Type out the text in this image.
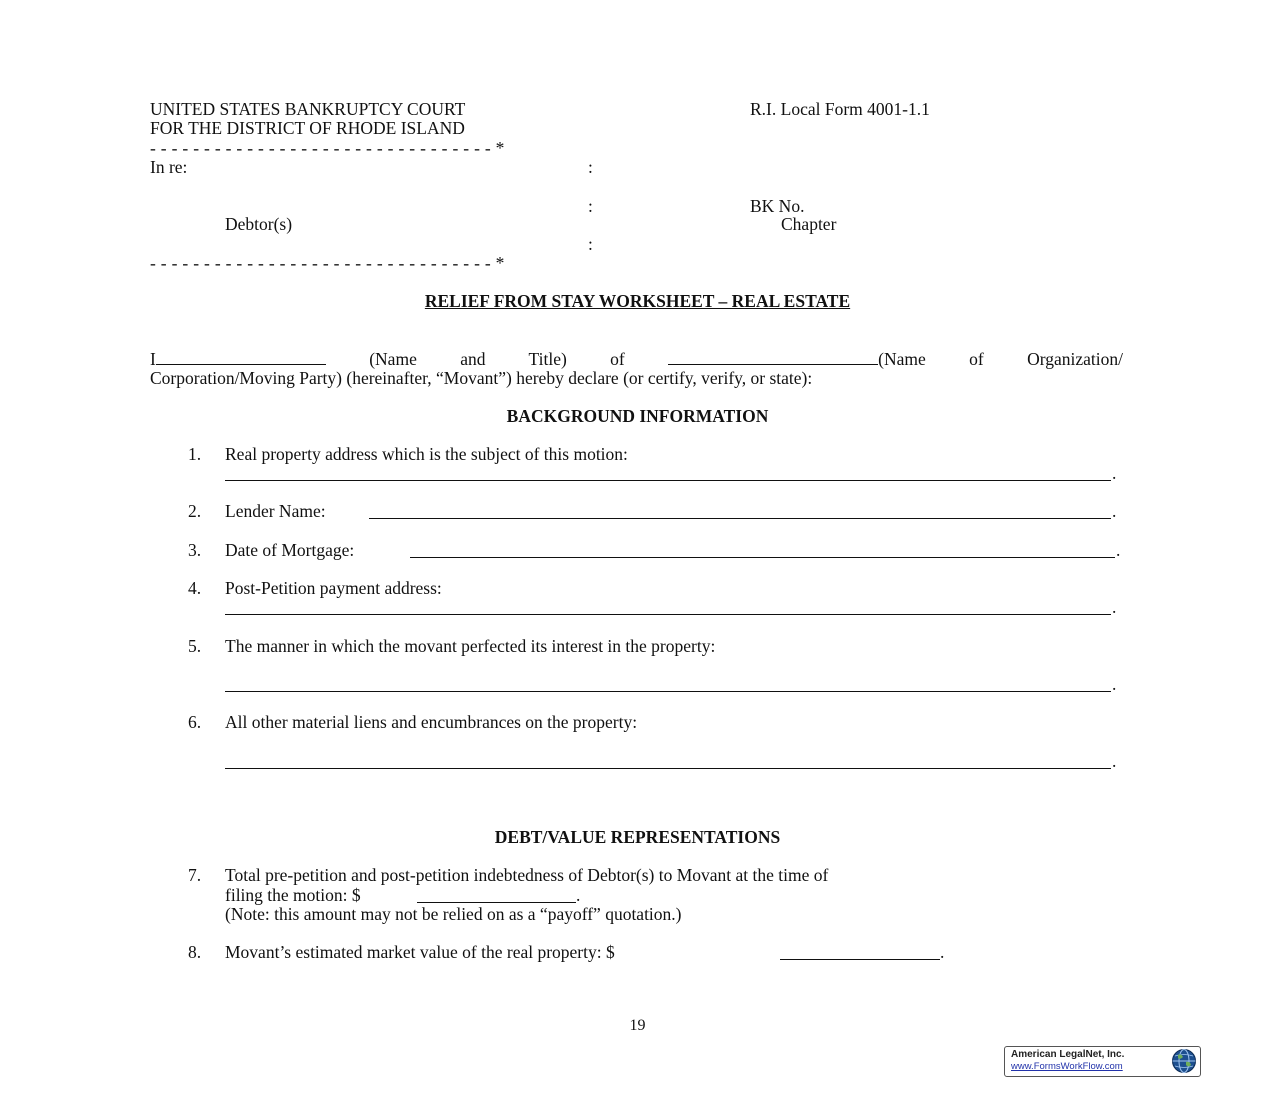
UNITED STATES BANKRUPTCY COURT
FOR THE DISTRICT OF RHODE ISLAND
R.I. Local Form 4001-1.1
- - - - - - - - - - - - - - - - - - - - - - - - - - - - - - - - *
In re:	:
:
Debtor(s)
:
BK No.
Chapter
- - - - - - - - - - - - - - - - - - - - - - - - - - - - - - - - *
RELIEF FROM STAY WORKSHEET – REAL ESTATE
I	(Name and Title) of	(Name of Organization/
Corporation/Moving Party) (hereinafter, “Movant”) hereby declare (or certify, verify, or state):
BACKGROUND INFORMATION
1. Real property address which is the subject of this motion:
.
2. Lender Name:	.
3. Date of Mortgage:	.
4. Post-Petition payment address:
.
5. The manner in which the movant perfected its interest in the property:
.
6. All other material liens and encumbrances on the property:
.
DEBT/VALUE REPRESENTATIONS
7. Total pre-petition and post-petition indebtedness of Debtor(s) to Movant at the time of
filing the motion: $	.
(Note: this amount may not be relied on as a “payoff” quotation.)
8. Movant’s estimated market value of the real property: $	.
19
American LegalNet, Inc.
www.FormsWorkFlow.com
